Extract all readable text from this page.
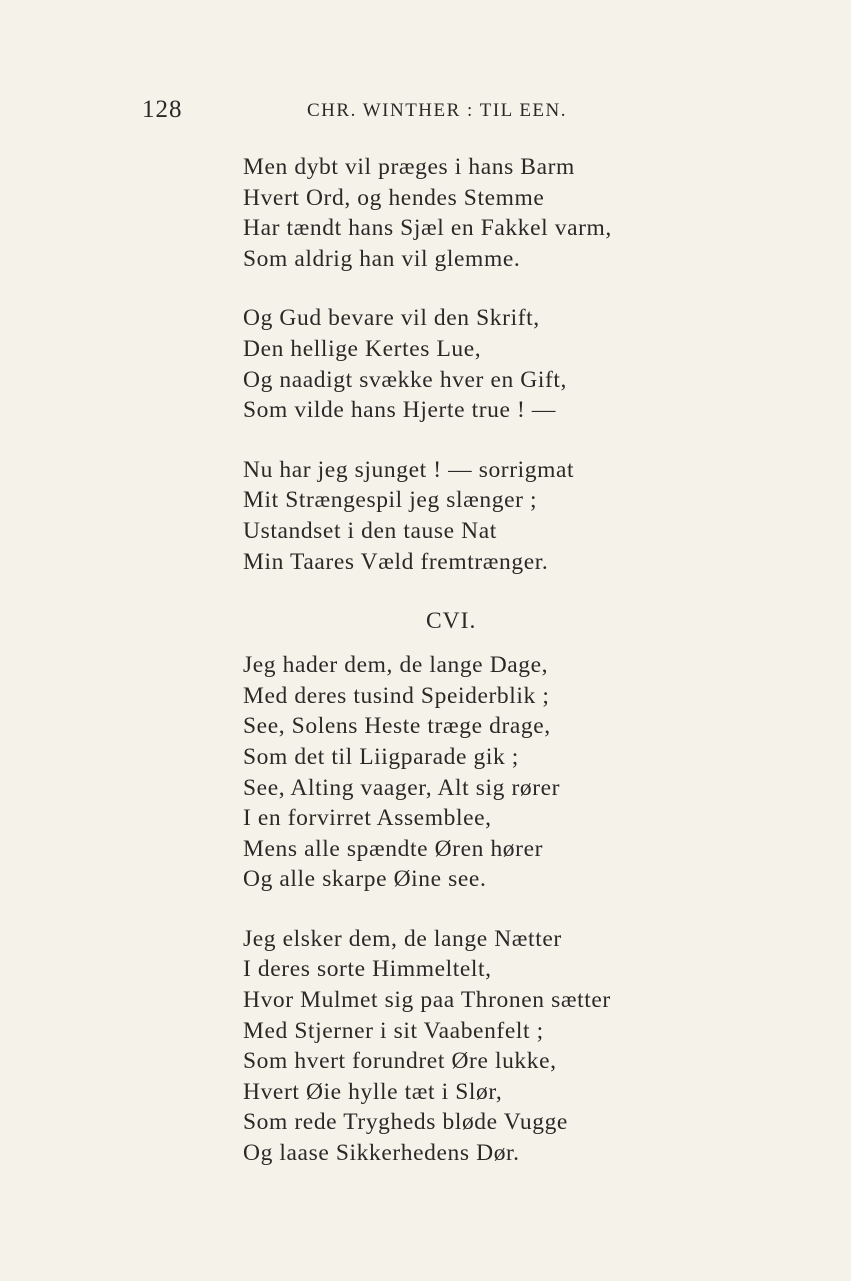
128	CHR. WINTHER : TIL EEN.
Men dybt vil præges i hans Barm
Hvert Ord, og hendes Stemme
Har tændt hans Sjæl en Fakkel varm,
Som aldrig han vil glemme.
Og Gud bevare vil den Skrift,
Den hellige Kertes Lue,
Og naadigt svække hver en Gift,
Som vilde hans Hjerte true ! —
Nu har jeg sjunget ! — sorrigmat
Mit Strængespil jeg slænger ;
Ustandset i den tause Nat
Min Taares Væld fremtrænger.
CVI.
Jeg hader dem, de lange Dage,
Med deres tusind Speiderblik ;
See, Solens Heste træge drage,
Som det til Liigparade gik ;
See, Alting vaager, Alt sig rører
I en forvirret Assemblee,
Mens alle spændte Øren hører
Og alle skarpe Øine see.
Jeg elsker dem, de lange Nætter
I deres sorte Himmeltelt,
Hvor Mulmet sig paa Thronen sætter
Med Stjerner i sit Vaabenfelt ;
Som hvert forundret Øre lukke,
Hvert Øie hylle tæt i Slør,
Som rede Trygheds bløde Vugge
Og laase Sikkerhedens Dør.
